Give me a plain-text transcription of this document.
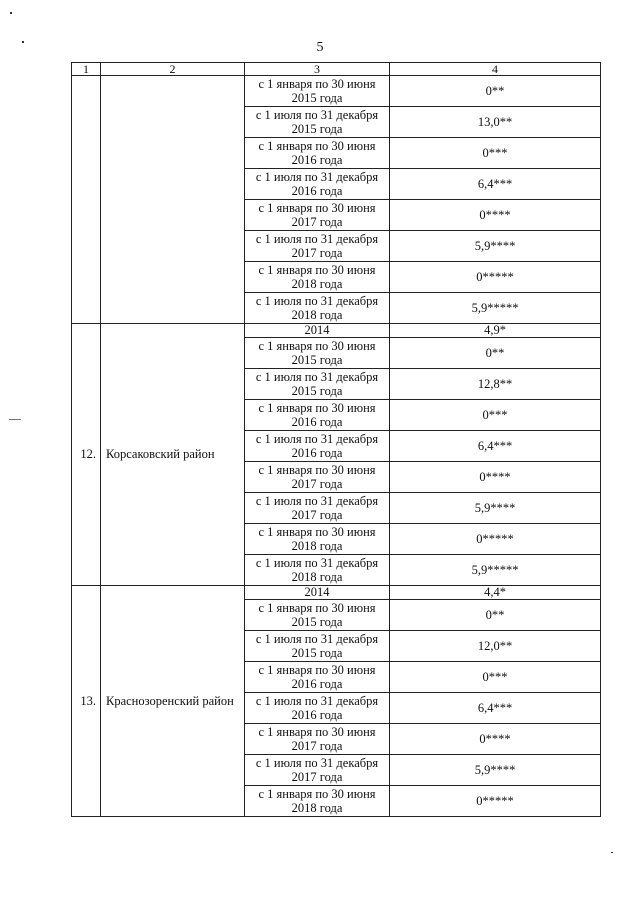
5
1	2	3	4
		с 1 января по 30 июня
2015 года	0**
		с 1 июля по 31 декабря
2015 года	13,0**
		с 1 января по 30 июня
2016 года	0***
		с 1 июля по 31 декабря
2016 года	6,4***
		с 1 января по 30 июня
2017 года	0****
		с 1 июля по 31 декабря
2017 года	5,9****
		с 1 января по 30 июня
2018 года	0*****
		с 1 июля по 31 декабря
2018 года	5,9*****
12.	Корсаковский район	2014	4,9*
		с 1 января по 30 июня
2015 года	0**
		с 1 июля по 31 декабря
2015 года	12,8**
		с 1 января по 30 июня
2016 года	0***
		с 1 июля по 31 декабря
2016 года	6,4***
		с 1 января по 30 июня
2017 года	0****
		с 1 июля по 31 декабря
2017 года	5,9****
		с 1 января по 30 июня
2018 года	0*****
		с 1 июля по 31 декабря
2018 года	5,9*****
13.	Краснозоренский район	2014	4,4*
		с 1 января по 30 июня
2015 года	0**
		с 1 июля по 31 декабря
2015 года	12,0**
		с 1 января по 30 июня
2016 года	0***
		с 1 июля по 31 декабря
2016 года	6,4***
		с 1 января по 30 июня
2017 года	0****
		с 1 июля по 31 декабря
2017 года	5,9****
		с 1 января по 30 июня
2018 года	0*****
